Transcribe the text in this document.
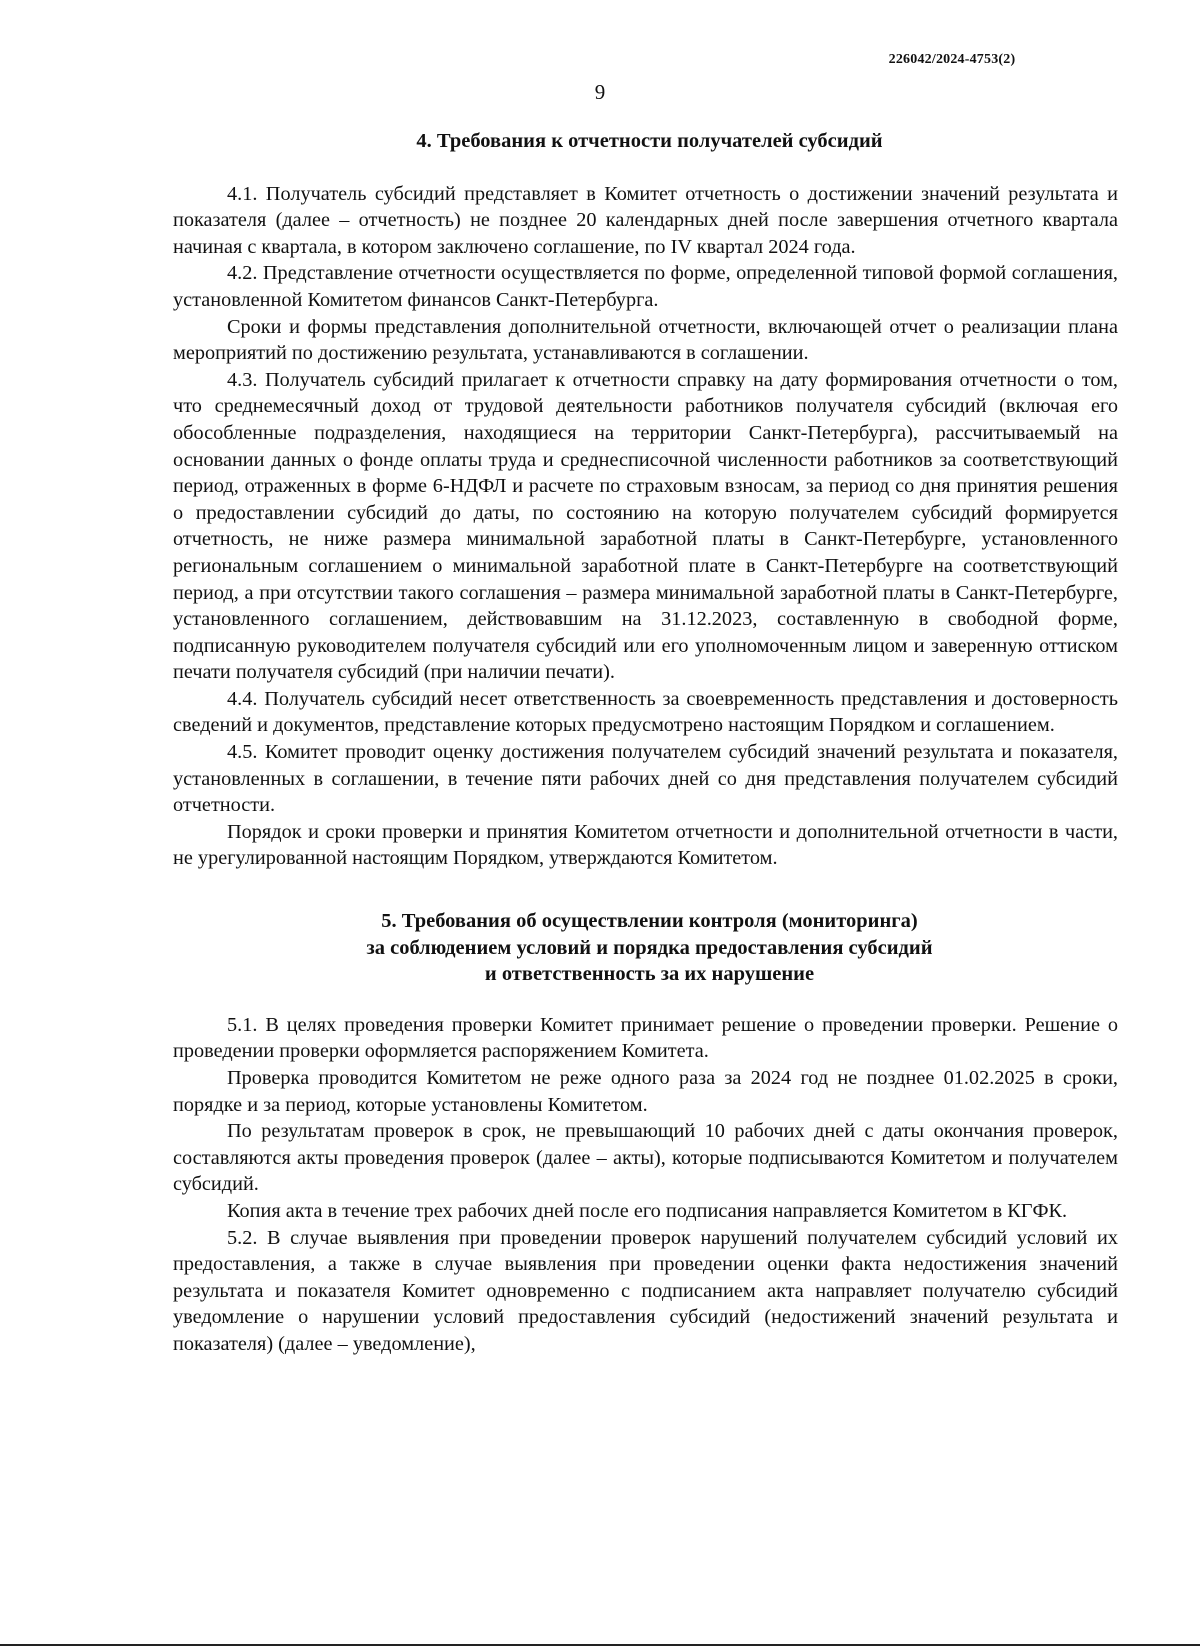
226042/2024-4753(2)
9

4. Требования к отчетности получателей субсидий

4.1. Получатель субсидий представляет в Комитет отчетность о достижении значений результата и показателя (далее – отчетность) не позднее 20 календарных дней после завершения отчетного квартала начиная с квартала, в котором заключено соглашение, по IV квартал 2024 года.

4.2. Представление отчетности осуществляется по форме, определенной типовой формой соглашения, установленной Комитетом финансов Санкт-Петербурга.

Сроки и формы представления дополнительной отчетности, включающей отчет о реализации плана мероприятий по достижению результата, устанавливаются в соглашении.

4.3. Получатель субсидий прилагает к отчетности справку на дату формирования отчетности о том, что среднемесячный доход от трудовой деятельности работников получателя субсидий (включая его обособленные подразделения, находящиеся на территории Санкт-Петербурга), рассчитываемый на основании данных о фонде оплаты труда и среднесписочной численности работников за соответствующий период, отраженных в форме 6-НДФЛ и расчете по страховым взносам, за период со дня принятия решения о предоставлении субсидий до даты, по состоянию на которую получателем субсидий формируется отчетность, не ниже размера минимальной заработной платы в Санкт-Петербурге, установленного региональным соглашением о минимальной заработной плате в Санкт-Петербурге на соответствующий период, а при отсутствии такого соглашения – размера минимальной заработной платы в Санкт-Петербурге, установленного соглашением, действовавшим на 31.12.2023, составленную в свободной форме, подписанную руководителем получателя субсидий или его уполномоченным лицом и заверенную оттиском печати получателя субсидий (при наличии печати).

4.4. Получатель субсидий несет ответственность за своевременность представления и достоверность сведений и документов, представление которых предусмотрено настоящим Порядком и соглашением.

4.5. Комитет проводит оценку достижения получателем субсидий значений результата и показателя, установленных в соглашении, в течение пяти рабочих дней со дня представления получателем субсидий отчетности.

Порядок и сроки проверки и принятия Комитетом отчетности и дополнительной отчетности в части, не урегулированной настоящим Порядком, утверждаются Комитетом.

5. Требования об осуществлении контроля (мониторинга)

за соблюдением условий и порядка предоставления субсидий

и ответственность за их нарушение

5.1. В целях проведения проверки Комитет принимает решение о проведении проверки. Решение о проведении проверки оформляется распоряжением Комитета.

Проверка проводится Комитетом не реже одного раза за 2024 год не позднее 01.02.2025 в сроки, порядке и за период, которые установлены Комитетом.

По результатам проверок в срок, не превышающий 10 рабочих дней с даты окончания проверок, составляются акты проведения проверок (далее – акты), которые подписываются Комитетом и получателем субсидий.

Копия акта в течение трех рабочих дней после его подписания направляется Комитетом в КГФК.

5.2. В случае выявления при проведении проверок нарушений получателем субсидий условий их предоставления, а также в случае выявления при проведении оценки факта недостижения значений результата и показателя Комитет одновременно с подписанием акта направляет получателю субсидий уведомление о нарушении условий предоставления субсидий (недостижений значений результата и показателя) (далее – уведомление),
